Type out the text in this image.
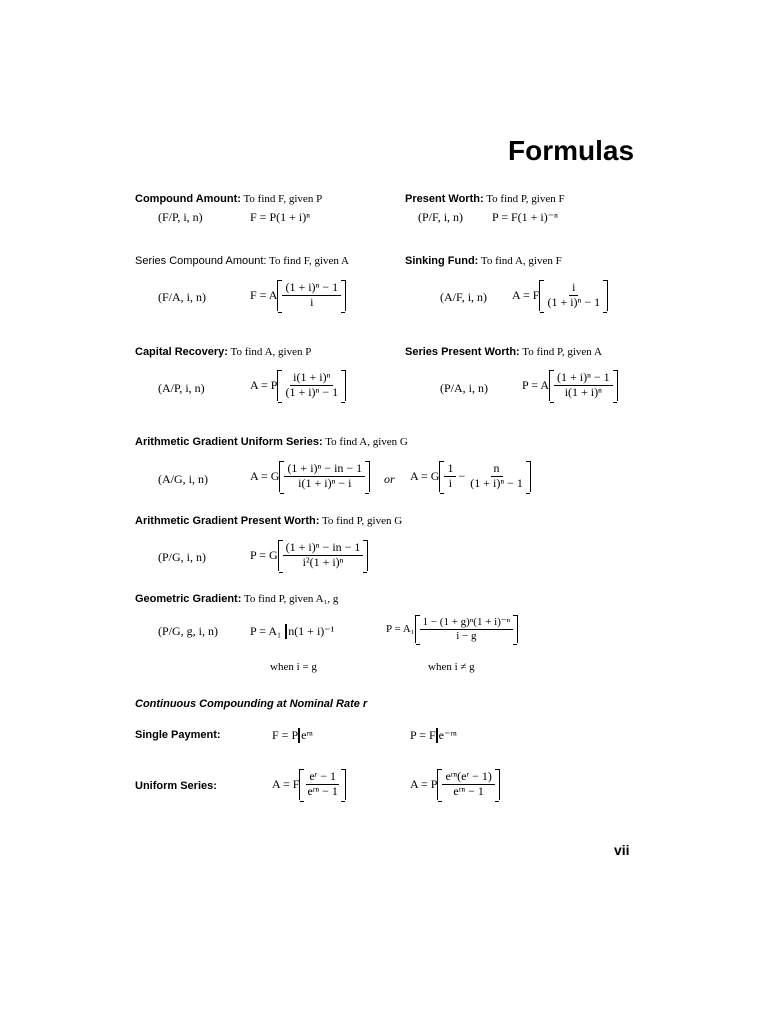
Formulas
Compound Amount: To find F, given P
(F/P, i, n)	F = P(1 + i)ⁿ
Present Worth: To find P, given F
(P/F, i, n) P = F(1 + i)⁻ⁿ
Series Compound Amount: To find F, given A
(F/A, i, n)	F = A $\frac{\text{(1 + i)ⁿ − 1}}{i}$
Sinking Fund: To find A, given F
(A/F, i, n) A = F $\frac{i}{\text{(1 + i)ⁿ − 1}}$
Capital Recovery: To find A, given P
(A/P, i, n)	A = P $\frac{\text{i(1 + i)ⁿ}}{\text{(1 + i)ⁿ − 1}}$
Series Present Worth: To find P, given A
(P/A, i, n)	P = A $\frac{\text{(1 + i)ⁿ − 1}}{\text{i(1 + i)ⁿ}}$
Arithmetic Gradient Uniform Series: To find A, given G
(A/G, i, n)	A = G $\frac{\text{(1 + i)ⁿ − in − 1}}{\text{i(1 + i)ⁿ − i}}$ or A = G $\frac{1}{i} - \frac{n}{\text{(1 + i)ⁿ − 1}}$
Arithmetic Gradient Present Worth: To find P, given G
(P/G, i, n)	P = G $\frac{\text{(1 + i)ⁿ − in − 1}}{\text{i²(1 + i)ⁿ}}$
Geometric Gradient: To find P, given A₁, g
(P/G, g, i, n)	P = A₁ n(1 + i)⁻¹	$P = A_1 \frac{\text{1 − (1 + g)ⁿ(1 + i)⁻ⁿ}}{i - g}$
when i = g	when i ≠ g
Continuous Compounding at Nominal Rate r
Single Payment:	F = P eʳⁿ	P = F e⁻ʳⁿ
Uniform Series:	A = F $\frac{\text{eʳ − 1}}{\text{eʳⁿ − 1}}$	A = P $\frac{\text{eʳⁿ(eʳ − 1)}}{\text{eʳⁿ − 1}}$
vii
